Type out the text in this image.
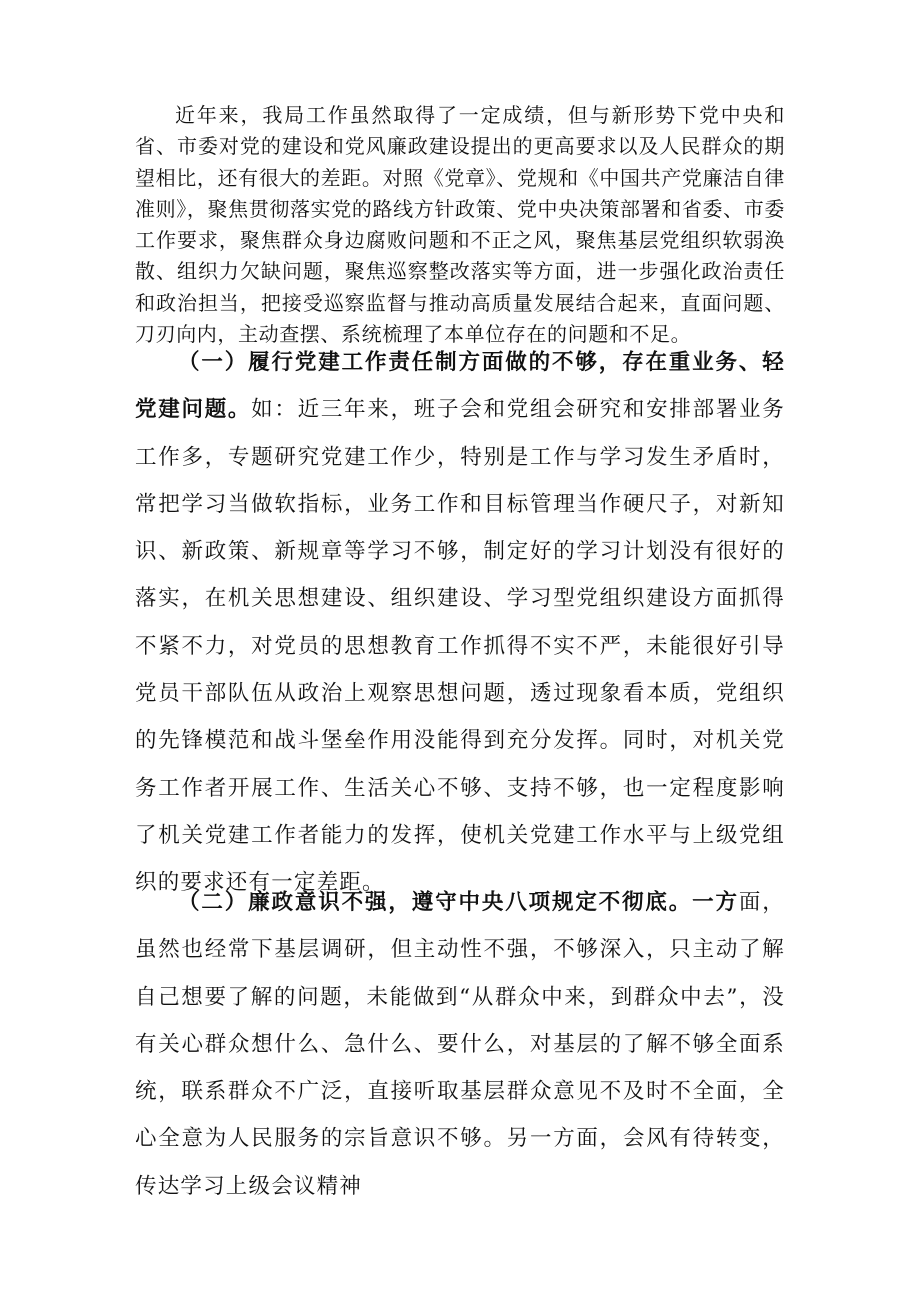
近年来，我局工作虽然取得了一定成绩，但与新形势下党中央和省、市委对党的建设和党风廉政建设提出的更高要求以及人民群众的期望相比，还有很大的差距。对照《党章》、党规和《中国共产党廉洁自律准则》，聚焦贯彻落实党的路线方针政策、党中央决策部署和省委、市委工作要求，聚焦群众身边腐败问题和不正之风，聚焦基层党组织软弱涣散、组织力欠缺问题，聚焦巡察整改落实等方面，进一步强化政治责任和政治担当，把接受巡察监督与推动高质量发展结合起来，直面问题、刀刃向内，主动查摆、系统梳理了本单位存在的问题和不足。

（一）履行党建工作责任制方面做的不够，存在重业务、轻党建问题。如：近三年来，班子会和党组会研究和安排部署业务工作多，专题研究党建工作少，特别是工作与学习发生矛盾时，常把学习当做软指标，业务工作和目标管理当作硬尺子，对新知识、新政策、新规章等学习不够，制定好的学习计划没有很好的落实，在机关思想建设、组织建设、学习型党组织建设方面抓得不紧不力，对党员的思想教育工作抓得不实不严，未能很好引导党员干部队伍从政治上观察思想问题，透过现象看本质，党组织的先锋模范和战斗堡垒作用没能得到充分发挥。同时，对机关党务工作者开展工作、生活关心不够、支持不够，也一定程度影响了机关党建工作者能力的发挥，使机关党建工作水平与上级党组织的要求还有一定差距。

（二）廉政意识不强，遵守中央八项规定不彻底。一方面，虽然也经常下基层调研，但主动性不强，不够深入，只主动了解自己想要了解的问题，未能做到“从群众中来，到群众中去”，没有关心群众想什么、急什么、要什么，对基层的了解不够全面系统，联系群众不广泛，直接听取基层群众意见不及时不全面，全心全意为人民服务的宗旨意识不够。另一方面，会风有待转变，传达学习上级会议精神
